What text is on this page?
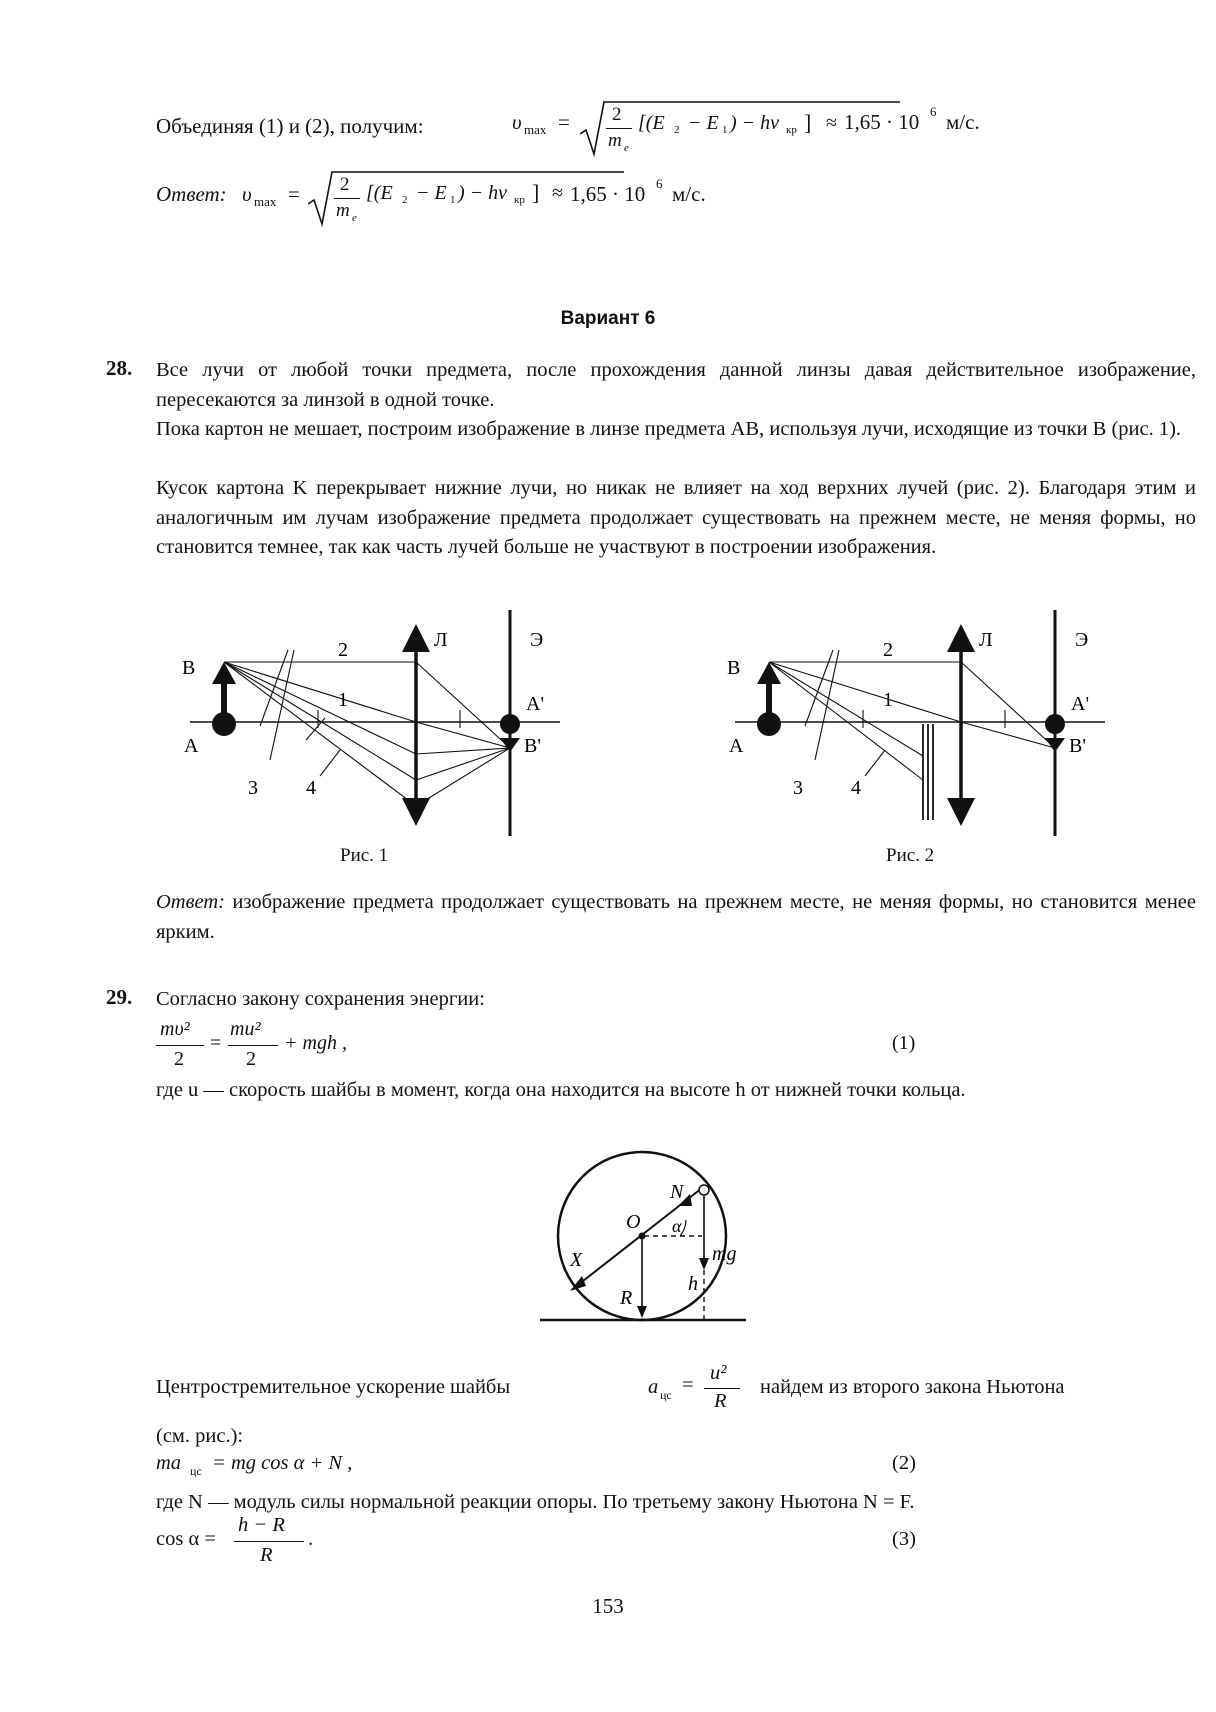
Объединяя (1) и (2), получим:	υ max = 2
m e
[(E 2 − E 1 ) − hν кр ] ≈ 1,65 · 10 6 м/с.
Ответ: υ max = 2
m e
[(E 2 − E 1 ) − hν кр ] ≈ 1,65 · 10 6 м/с.
Вариант 6
28. Все лучи от любой точки предмета, после прохождения данной линзы давая действительное изображение, пересекаются за линзой в одной точке.
Пока картон не мешает, построим изображение в линзе предмета AB, используя лучи, исходящие из точки B (рис. 1).
Кусок картона K перекрывает нижние лучи, но никак не влияет на ход верхних лучей (рис. 2). Благодаря этим и аналогичным им лучам изображение предмета продолжает существовать на прежнем месте, не меняя формы, но становится темнее, так как часть лучей больше не участвуют в построении изображения.
B
A
2
1
3 4
Л	Э
A'
B'
Рис. 1
B
A
2
1
3 4
Л	Э
A'
B'
Рис. 2
Ответ: изображение предмета продолжает существовать на прежнем месте, не меняя формы, но становится менее ярким.
29. Согласно закону сохранения энергии:
mυ²
2
=
mu²
2
+ mgh ,	(1)
где u — скорость шайбы в момент, когда она находится на высоте h от нижней точки кольца.
N
O α
X	mg
R
h
Центростремительное ускорение шайбы	a цс =
u²
R
найдем из второго закона Ньютона
(см. рис.):
ma цс = mg cos α + N ,	(2)
где N — модуль силы нормальной реакции опоры. По третьему закону Ньютона N = F.
cos α =
h − R
R
.	(3)
153
